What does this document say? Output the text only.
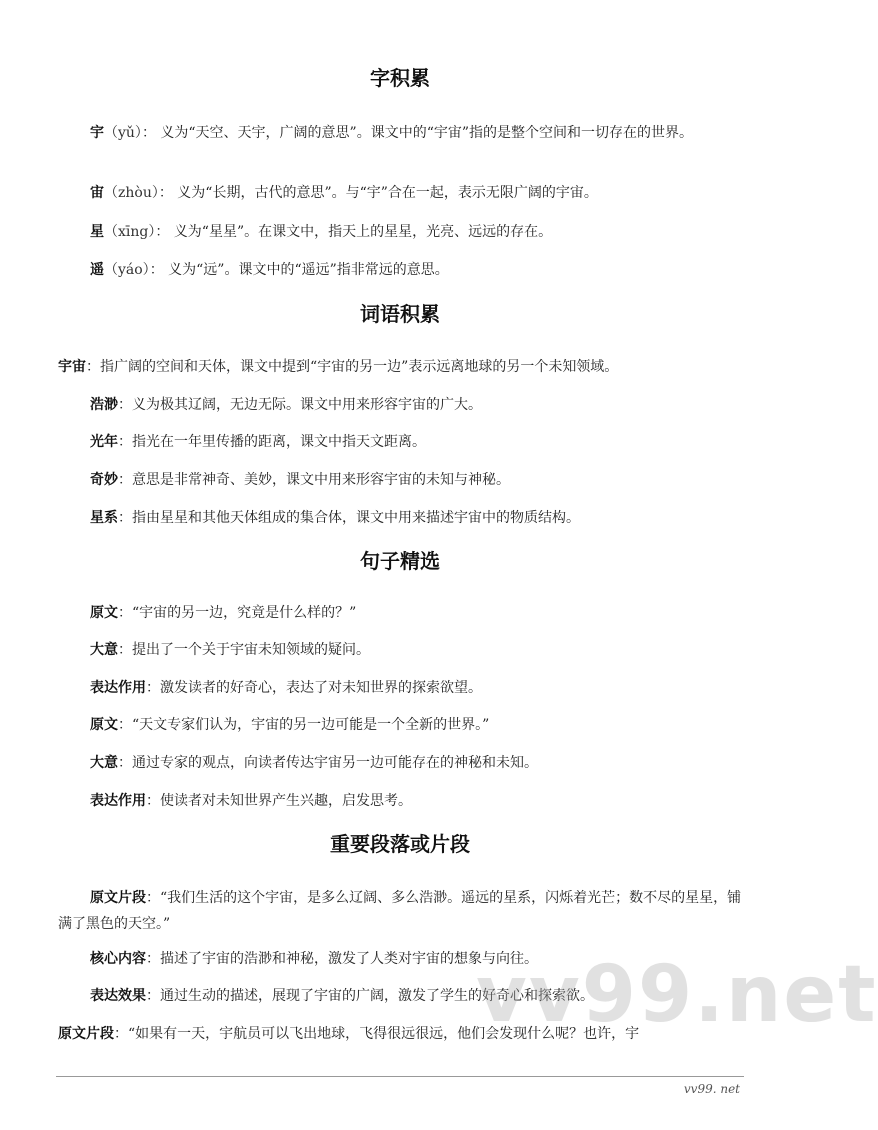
字积累

宇（yǔ）： 义为“天空、天宇，广阔的意思”。课文中的“宇宙”指的是整个空间和一切存在的世界。

宙（zhòu）： 义为“长期，古代的意思”。与“宇”合在一起，表示无限广阔的宇宙。

星（xīng）： 义为“星星”。在课文中，指天上的星星，光亮、远远的存在。

遥（yáo）： 义为“远”。课文中的“遥远”指非常远的意思。

词语积累

宇宙：指广阔的空间和天体，课文中提到“宇宙的另一边”表示远离地球的另一个未知领域。

浩渺：义为极其辽阔，无边无际。课文中用来形容宇宙的广大。

光年：指光在一年里传播的距离，课文中指天文距离。

奇妙：意思是非常神奇、美妙，课文中用来形容宇宙的未知与神秘。

星系：指由星星和其他天体组成的集合体，课文中用来描述宇宙中的物质结构。

句子精选

原文：“宇宙的另一边，究竟是什么样的？”

大意：提出了一个关于宇宙未知领域的疑问。

表达作用：激发读者的好奇心，表达了对未知世界的探索欲望。

原文：“天文专家们认为，宇宙的另一边可能是一个全新的世界。”

大意：通过专家的观点，向读者传达宇宙另一边可能存在的神秘和未知。

表达作用：使读者对未知世界产生兴趣，启发思考。

重要段落或片段

原文片段：“我们生活的这个宇宙，是多么辽阔、多么浩渺。遥远的星系，闪烁着光芒；数不尽的星星，铺满了黑色的天空。”

核心内容：描述了宇宙的浩渺和神秘，激发了人类对宇宙的想象与向往。

表达效果：通过生动的描述，展现了宇宙的广阔，激发了学生的好奇心和探索欲。

原文片段：“如果有一天，宇航员可以飞出地球，飞得很远很远，他们会发现什么呢？也许，宇

vv99.net
vv99. net
